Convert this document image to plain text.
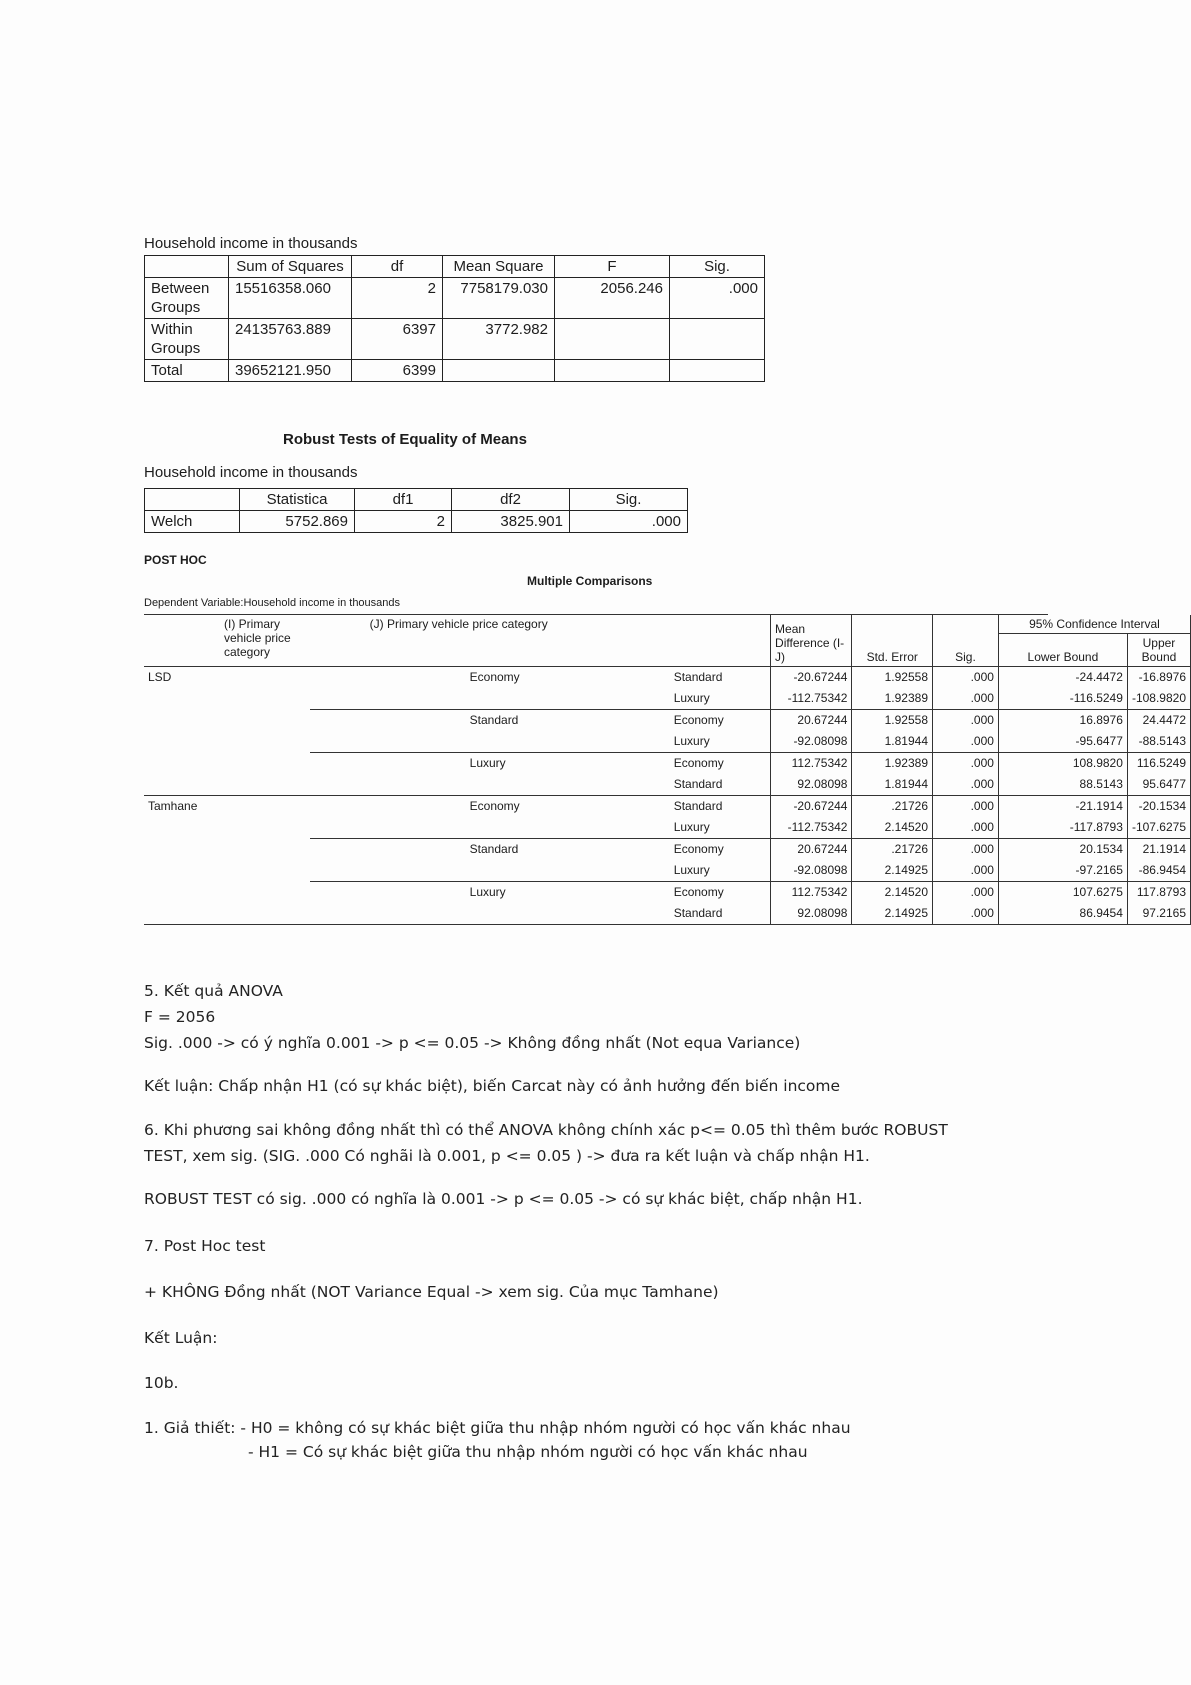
Household income in thousands
	Sum of Squares	df	Mean Square	F	Sig.
Between Groups	15516358.060	2	7758179.030	2056.246	.000
Within Groups	24135763.889	6397	3772.982		
Total	39652121.950	6399			
Robust Tests of Equality of Means
Household income in thousands
	Statistica	df1	df2	Sig.
Welch	5752.869	2	3825.901	.000
POST HOC
Multiple Comparisons
Dependent Variable:Household income in thousands
(I) Primary vehicle price category	(J) Primary vehicle price category		Mean Difference (I-J)	Std. Error	Sig.	95% Confidence Interval	
						Lower Bound	Upper Bound
LSD	Economy	Standard	-20.67244	1.92558	.000	-24.4472	-16.8976
		Luxury	-112.75342	1.92389	.000	-116.5249	-108.9820
	Standard	Economy	20.67244	1.92558	.000	16.8976	24.4472
		Luxury	-92.08098	1.81944	.000	-95.6477	-88.5143
	Luxury	Economy	112.75342	1.92389	.000	108.9820	116.5249
		Standard	92.08098	1.81944	.000	88.5143	95.6477
Tamhane	Economy	Standard	-20.67244	.21726	.000	-21.1914	-20.1534
		Luxury	-112.75342	2.14520	.000	-117.8793	-107.6275
	Standard	Economy	20.67244	.21726	.000	20.1534	21.1914
		Luxury	-92.08098	2.14925	.000	-97.2165	-86.9454
	Luxury	Economy	112.75342	2.14520	.000	107.6275	117.8793
		Standard	92.08098	2.14925	.000	86.9454	97.2165
5. Kết quả ANOVA
F = 2056
Sig. .000 -> có ý nghĩa 0.001 -> p <= 0.05 -> Không đồng nhất (Not equa Variance)
Kết luận: Chấp nhận H1 (có sự khác biệt), biến Carcat này có ảnh hưởng đến biến income
6. Khi phương sai không đồng nhất thì có thể ANOVA không chính xác p<= 0.05 thì thêm bước ROBUST
TEST, xem sig. (SIG. .000 Có nghãi là 0.001, p <= 0.05 ) -> đưa ra kết luận và chấp nhận H1.
ROBUST TEST có sig. .000 có nghĩa là 0.001 -> p <= 0.05 -> có sự khác biệt, chấp nhận H1.
7. Post Hoc test
+ KHÔNG Đồng nhất (NOT Variance Equal -> xem sig. Của mục Tamhane)
Kết Luận:
10b.
1. Giả thiết: - H0 = không có sự khác biệt giữa thu nhập nhóm người có học vấn khác nhau
- H1 = Có sự khác biệt giữa thu nhập nhóm người có học vấn khác nhau
